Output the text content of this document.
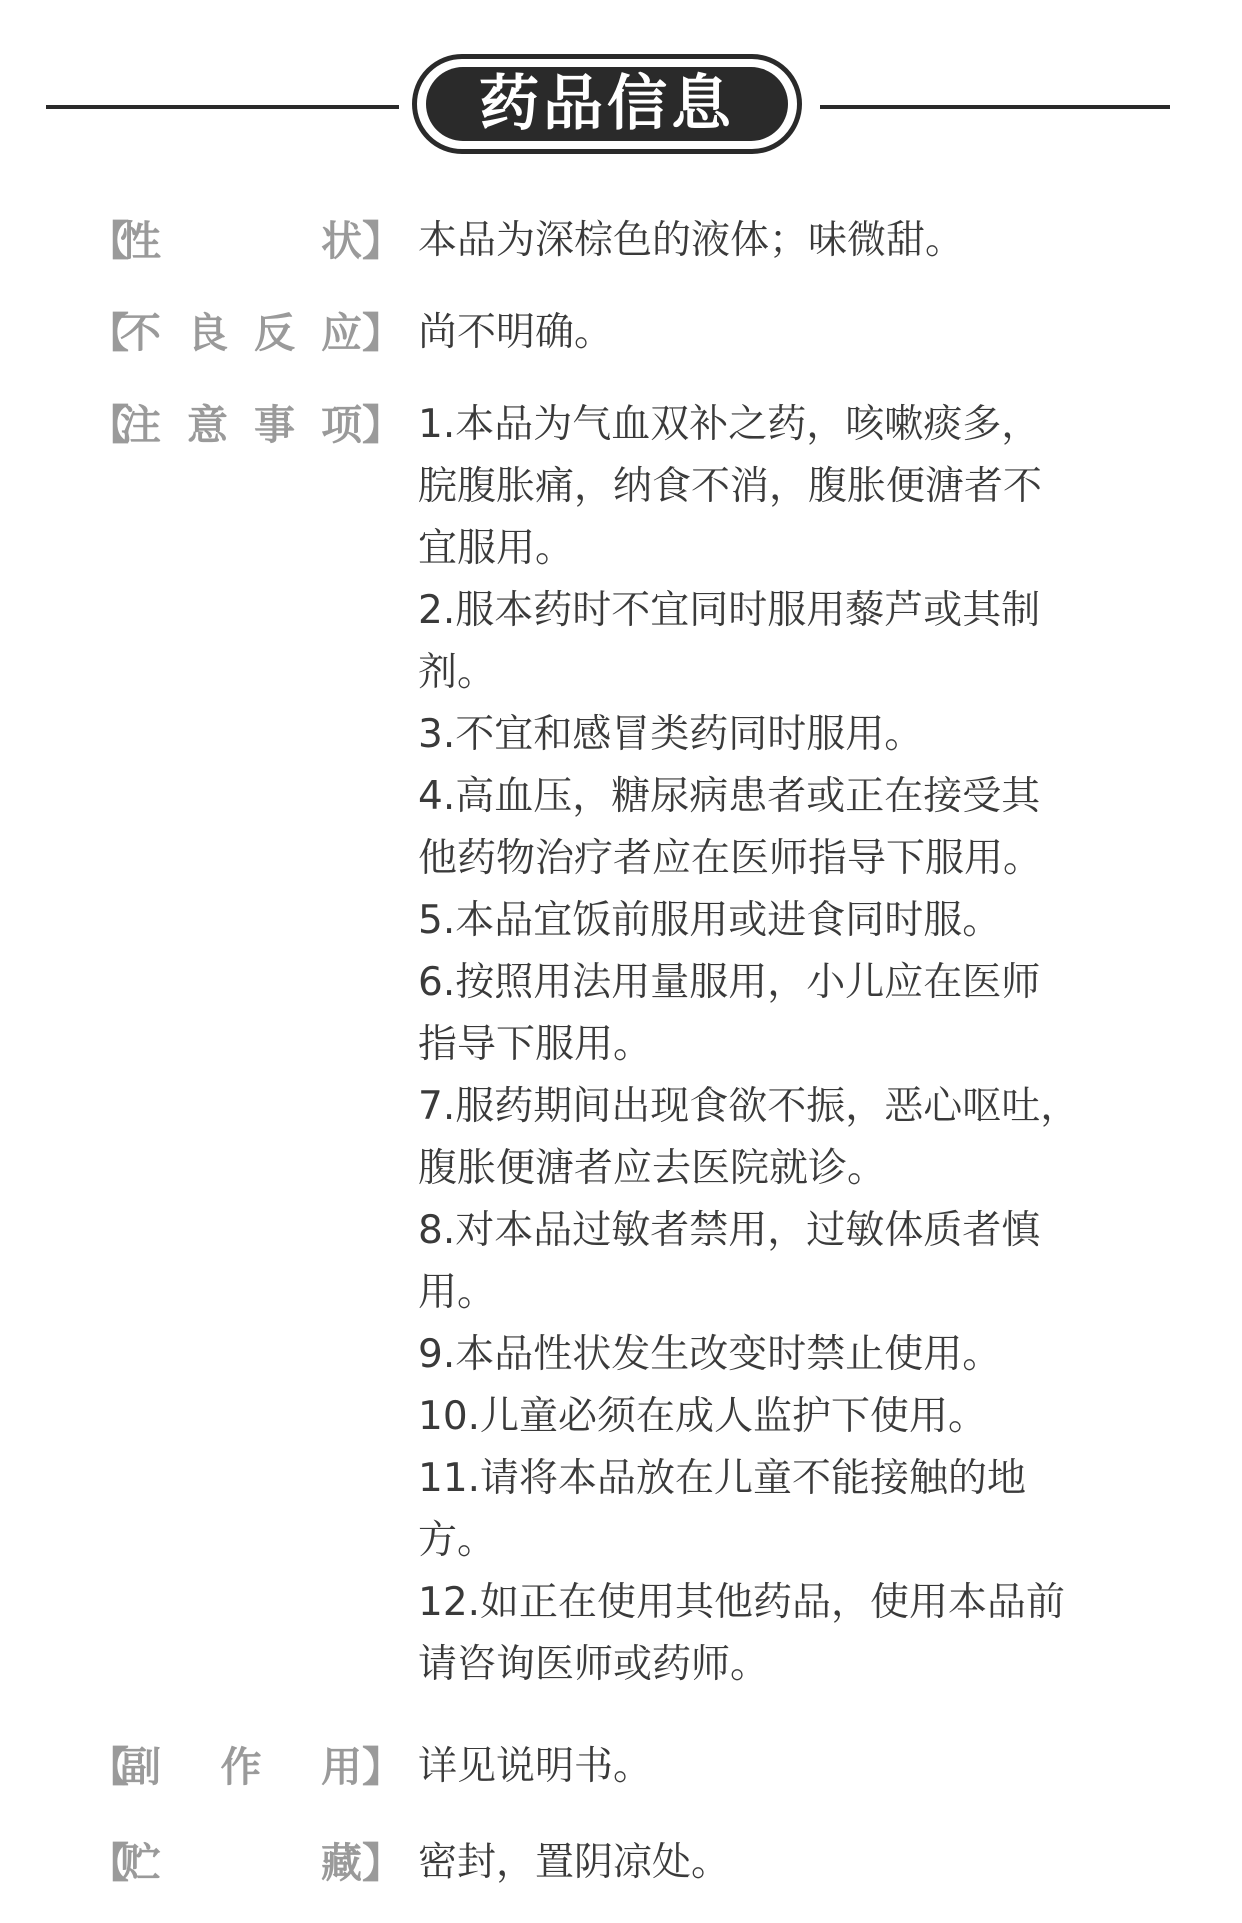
药品信息
【
性	状 】 本品为深棕色的液体；味微甜。
【
不 良 反 应 】 尚不明确。
【
注 意 事 项 】 1.本品为气血双补之药，咳嗽痰多，
脘腹胀痛，纳食不消，腹胀便溏者不
宜服用。
2.服本药时不宜同时服用藜芦或其制
剂。
3.不宜和感冒类药同时服用。
4.高血压，糖尿病患者或正在接受其
他药物治疗者应在医师指导下服用。
5.本品宜饭前服用或进食同时服。
6.按照用法用量服用，小儿应在医师
指导下服用。
7.服药期间出现食欲不振，恶心呕吐，
腹胀便溏者应去医院就诊。
8.对本品过敏者禁用，过敏体质者慎
用。
9.本品性状发生改变时禁止使用。
10.儿童必须在成人监护下使用。
11.请将本品放在儿童不能接触的地
方。
12.如正在使用其他药品，使用本品前
请咨询医师或药师。
【
副 作 用 】 详见说明书。
【
贮	藏 】 密封，置阴凉处。
